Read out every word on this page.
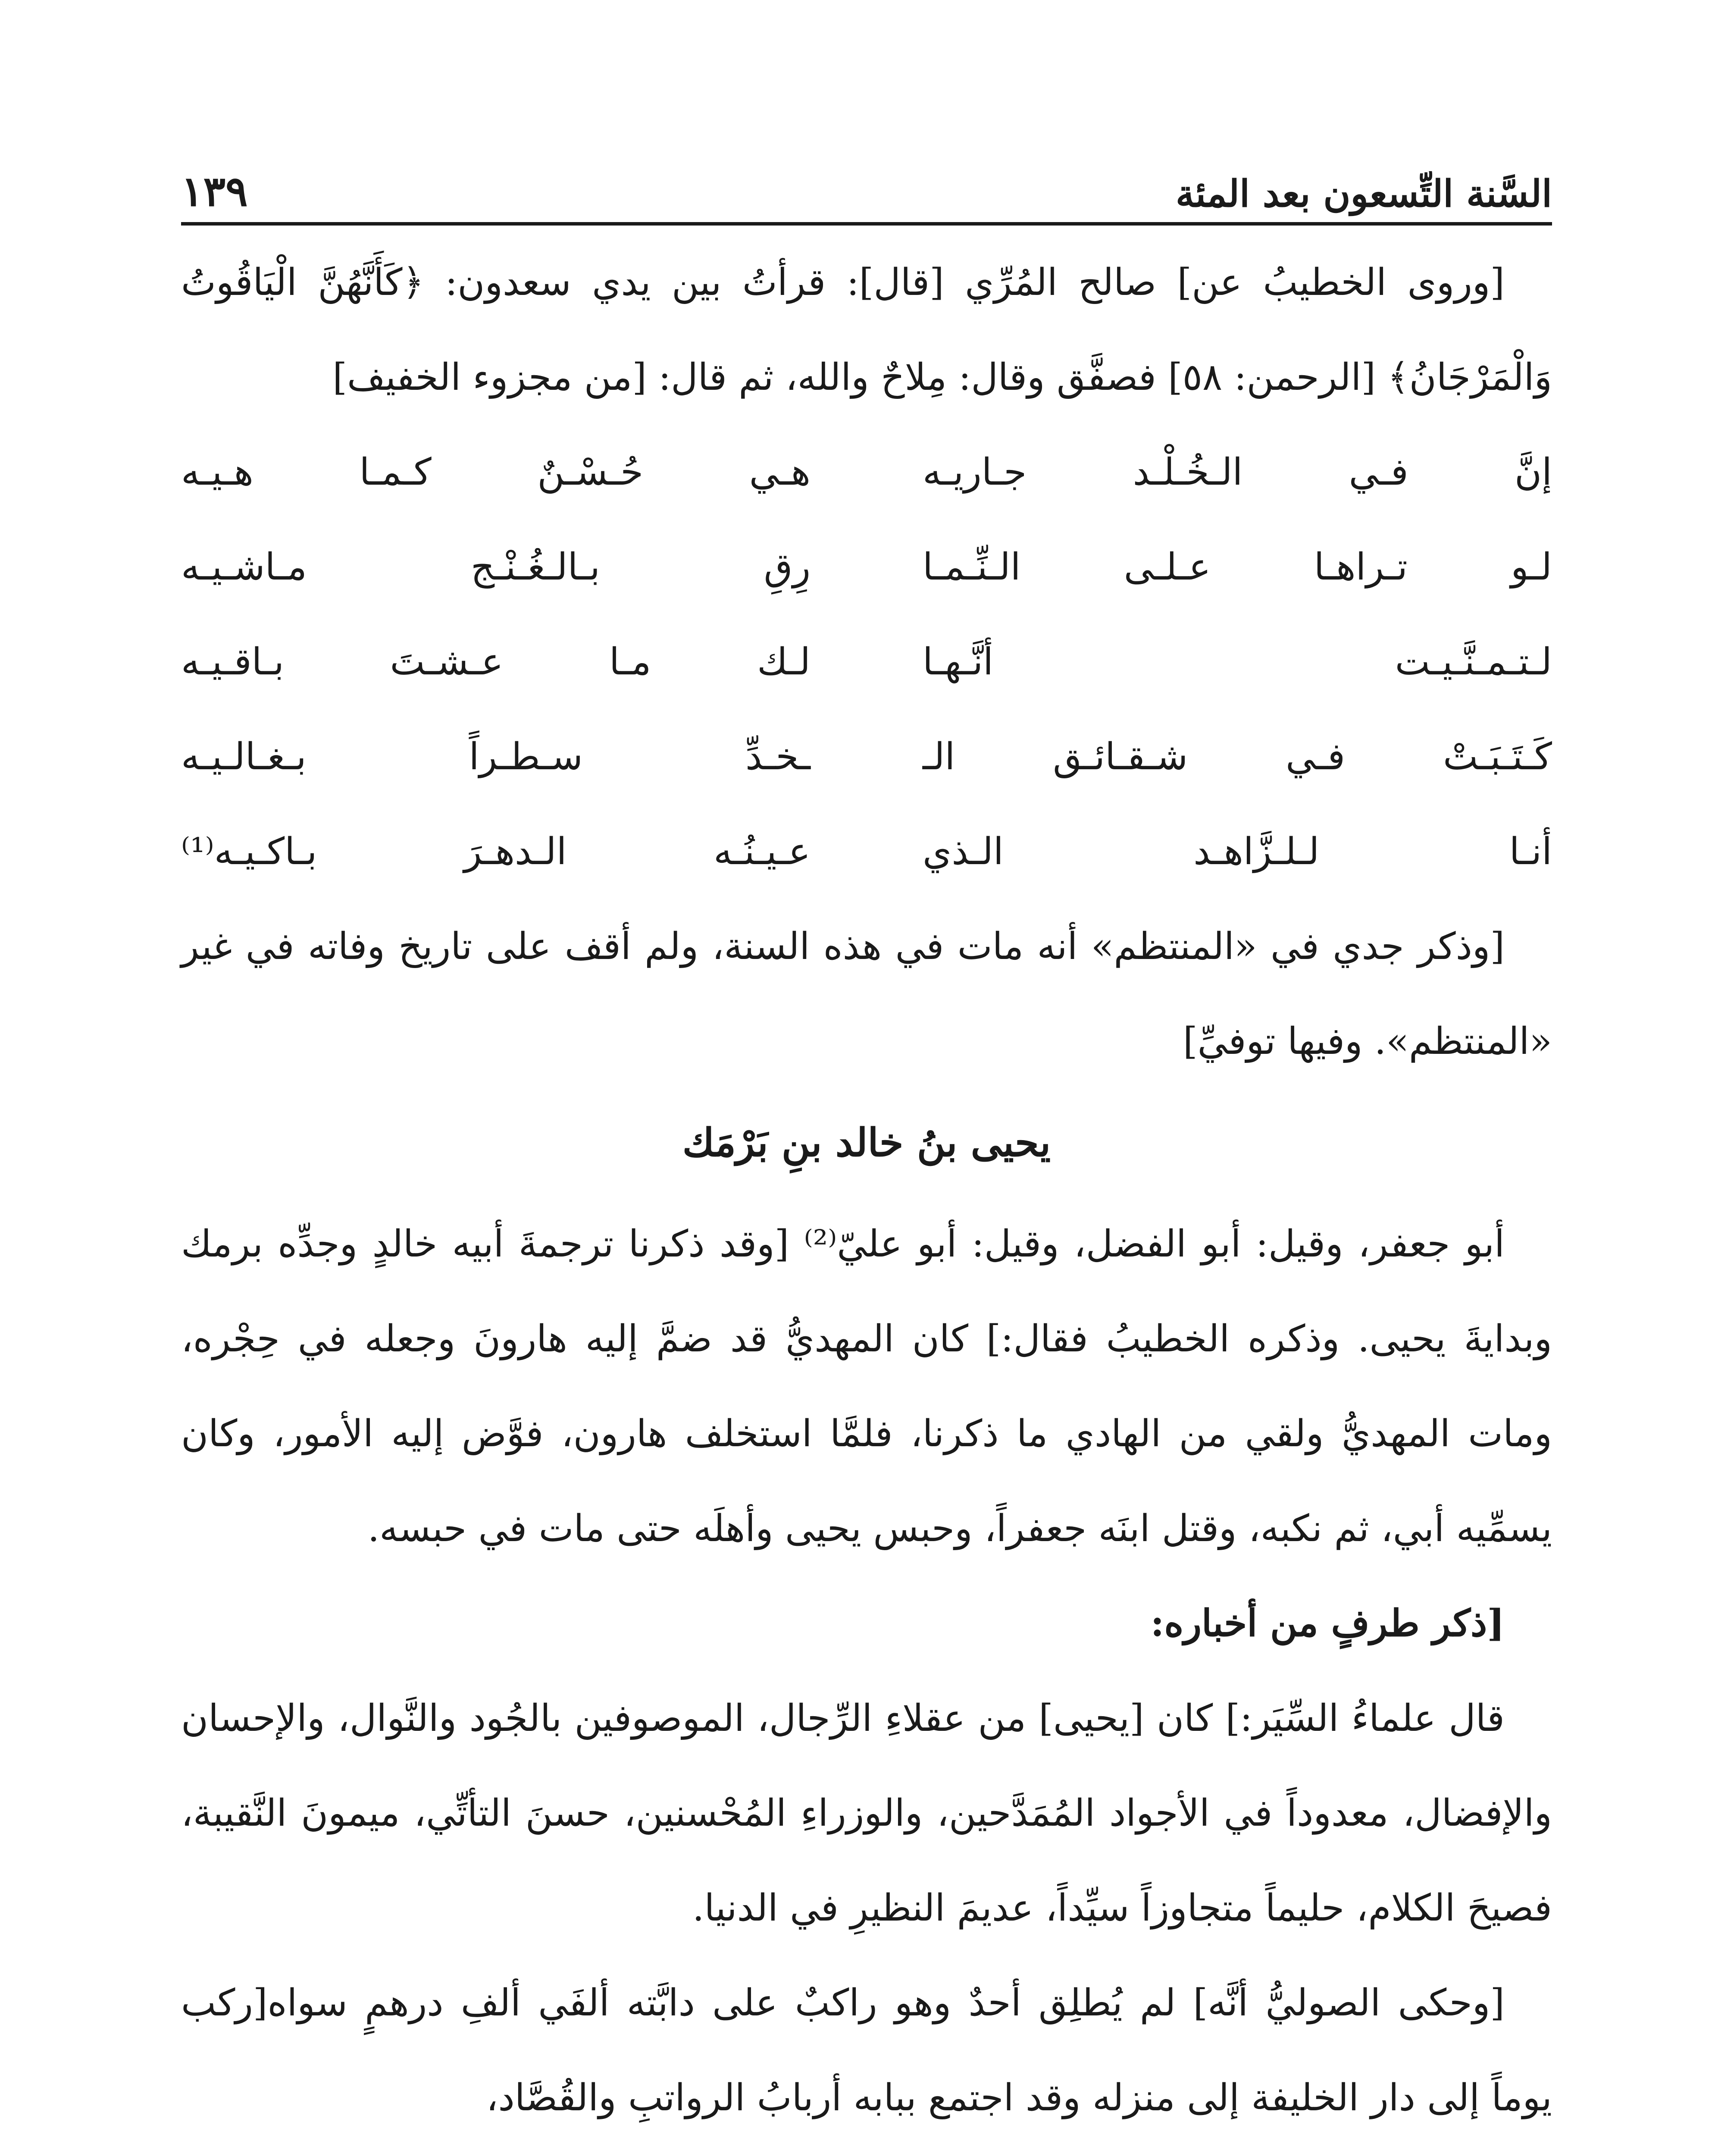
السَّنة التِّسعون بعد المئة
١٣٩

[وروى الخطيبُ عن] صالح المُرِّي [قال]: قرأتُ بين يدي سعدون: ﴿كَأَنَّهُنَّ الْيَاقُوتُ وَالْمَرْجَانُ﴾ [الرحمن: ٥٨] فصفَّق وقال: مِلاحٌ والله، ثم قال: [من مجزوء الخفيف]

إنَّ فـي الـخُـلْـد جـاريـه
هـي حُـسْـنٌ كـمـا هـيـه
لـو تـراهـا عـلـى الـنِّـمـا
رِقِ بـالـغُـنْـج مـاشـيـه
لـتـمـنَّـيـت أنَّـهـا
لـك مـا عـشـتَ بـاقـيـه
كَـتَـبَـتْ فـي شـقـائـق الـ
ـخـدِّ سـطـراً بـغـالـيـه
أنـا لـلـزَّاهـد الـذي
عـيـنُـه الـدهـرَ بـاكـيـه⁽¹⁾

[وذكر جدي في «المنتظم» أنه مات في هذه السنة، ولم أقف على تاريخ وفاته في غير «المنتظم». وفيها توفيِّ]

يحيى بنُ خالد بنِ بَرْمَك

أبو جعفر، وقيل: أبو الفضل، وقيل: أبو عليّ⁽²⁾ [وقد ذكرنا ترجمةَ أبيه خالدٍ وجدِّه برمك وبدايةَ يحيى. وذكره الخطيبُ فقال:] كان المهديُّ قد ضمَّ إليه هارونَ وجعله في حِجْره، ومات المهديُّ ولقي من الهادي ما ذكرنا، فلمَّا استخلف هارون، فوَّض إليه الأمور، وكان يسمِّيه أبي، ثم نكبه، وقتل ابنَه جعفراً، وحبس يحيى وأهلَه حتى مات في حبسه.

[ذكر طرفٍ من أخباره:

قال علماءُ السِّيَر:] كان [يحيى] من عقلاءِ الرِّجال، الموصوفين بالجُود والنَّوال، والإحسان والإفضال، معدوداً في الأجواد المُمَدَّحين، والوزراءِ المُحْسنين، حسنَ التأتِّي، ميمونَ النَّقيبة، فصيحَ الكلام، حليماً متجاوزاً سيِّداً، عديمَ النظيرِ في الدنيا.

[وحكى الصوليُّ أنَّه] لم يُطلِق أحدٌ وهو راكبٌ على دابَّته ألفَي ألفِ درهمٍ سواه[ركب يوماً إلى دار الخليفة إلى منزله وقد اجتمع ببابه أربابُ الرواتبِ والقُصَّاد،
